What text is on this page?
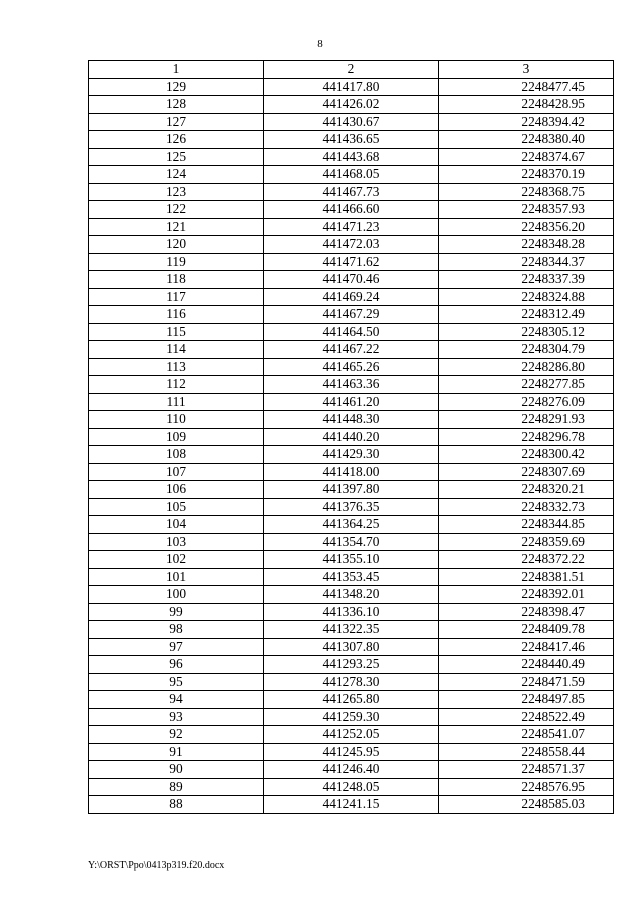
8
1	2	3
129	441417.80	2248477.45
128	441426.02	2248428.95
127	441430.67	2248394.42
126	441436.65	2248380.40
125	441443.68	2248374.67
124	441468.05	2248370.19
123	441467.73	2248368.75
122	441466.60	2248357.93
121	441471.23	2248356.20
120	441472.03	2248348.28
119	441471.62	2248344.37
118	441470.46	2248337.39
117	441469.24	2248324.88
116	441467.29	2248312.49
115	441464.50	2248305.12
114	441467.22	2248304.79
113	441465.26	2248286.80
112	441463.36	2248277.85
111	441461.20	2248276.09
110	441448.30	2248291.93
109	441440.20	2248296.78
108	441429.30	2248300.42
107	441418.00	2248307.69
106	441397.80	2248320.21
105	441376.35	2248332.73
104	441364.25	2248344.85
103	441354.70	2248359.69
102	441355.10	2248372.22
101	441353.45	2248381.51
100	441348.20	2248392.01
99	441336.10	2248398.47
98	441322.35	2248409.78
97	441307.80	2248417.46
96	441293.25	2248440.49
95	441278.30	2248471.59
94	441265.80	2248497.85
93	441259.30	2248522.49
92	441252.05	2248541.07
91	441245.95	2248558.44
90	441246.40	2248571.37
89	441248.05	2248576.95
88	441241.15	2248585.03
Y:\ORST\Ppo\0413p319.f20.docx
